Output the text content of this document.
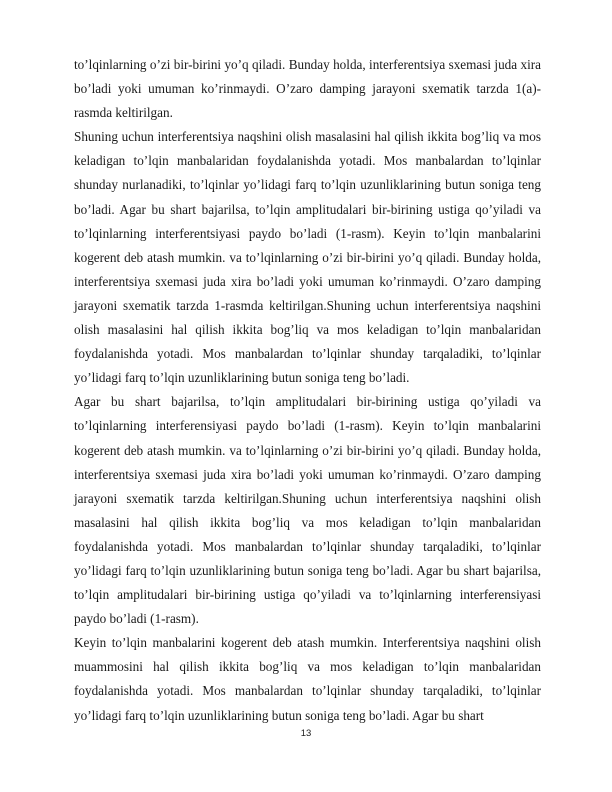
to’lqinlarning o’zi bir-birini yo’q qiladi. Bunday holda, interferentsiya sxemasi juda xira bo’ladi yoki umuman ko’rinmaydi. O’zaro damping jarayoni sxematik tarzda 1(a)-rasmda keltirilgan.

Shuning uchun interferentsiya naqshini olish masalasini hal qilish ikkita bog’liq va mos keladigan to’lqin manbalaridan foydalanishda yotadi. Mos manbalardan to’lqinlar shunday nurlanadiki, to’lqinlar yo’lidagi farq to’lqin uzunliklarining butun soniga teng bo’ladi. Agar bu shart bajarilsa, to’lqin amplitudalari bir-birining ustiga qo’yiladi va to’lqinlarning interferentsiyasi paydo bo’ladi (1-rasm). Keyin to’lqin manbalarini kogerent deb atash mumkin. va to’lqinlarning o’zi bir-birini yo’q qiladi. Bunday holda, interferentsiya sxemasi juda xira bo’ladi yoki umuman ko’rinmaydi. O’zaro damping jarayoni sxematik tarzda 1-rasmda keltirilgan.Shuning uchun interferentsiya naqshini olish masalasini hal qilish ikkita bog’liq va mos keladigan to’lqin manbalaridan foydalanishda yotadi. Mos manbalardan to’lqinlar shunday tarqaladiki, to’lqinlar yo’lidagi farq to’lqin uzunliklarining butun soniga teng bo’ladi.

Agar bu shart bajarilsa, to’lqin amplitudalari bir-birining ustiga qo’yiladi va to’lqinlarning interferensiyasi paydo bo’ladi (1-rasm). Keyin to’lqin manbalarini kogerent deb atash mumkin. va to’lqinlarning o’zi bir-birini yo’q qiladi. Bunday holda, interferentsiya sxemasi juda xira bo’ladi yoki umuman ko’rinmaydi. O’zaro damping jarayoni sxematik tarzda keltirilgan.Shuning uchun interferentsiya naqshini olish masalasini hal qilish ikkita bog’liq va mos keladigan to’lqin manbalaridan foydalanishda yotadi. Mos manbalardan to’lqinlar shunday tarqaladiki, to’lqinlar yo’lidagi farq to’lqin uzunliklarining butun soniga teng bo’ladi. Agar bu shart bajarilsa, to’lqin amplitudalari bir-birining ustiga qo’yiladi va to’lqinlarning interferensiyasi paydo bo’ladi (1-rasm).

Keyin to’lqin manbalarini kogerent deb atash mumkin. Interferentsiya naqshini olish muammosini hal qilish ikkita bog’liq va mos keladigan to’lqin manbalaridan foydalanishda yotadi. Mos manbalardan to’lqinlar shunday tarqaladiki, to’lqinlar yo’lidagi farq to’lqin uzunliklarining butun soniga teng bo’ladi. Agar bu shart

13
